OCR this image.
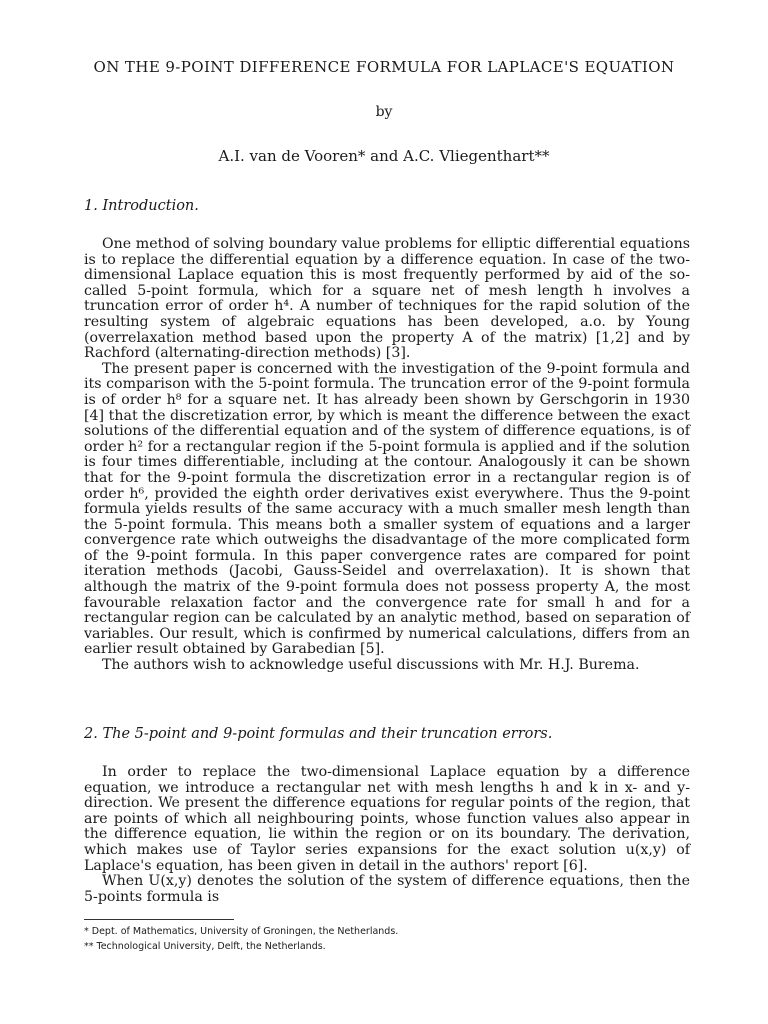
ON THE 9-POINT DIFFERENCE FORMULA FOR LAPLACE'S EQUATION
by
A.I. van de Vooren* and A.C. Vliegenthart**
1. Introduction.

One method of solving boundary value problems for elliptic differential equations is to replace the differential equation by a difference equation. In case of the two-dimensional Laplace equation this is most frequently performed by aid of the so-called 5-point formula, which for a square net of mesh length h involves a truncation error of order h⁴. A number of techniques for the rapid solution of the resulting system of algebraic equations has been developed, a.o. by Young (overrelaxation method based upon the property A of the matrix) [1,2] and by Rachford (alternating-direction methods) [3].

The present paper is concerned with the investigation of the 9-point formula and its comparison with the 5-point formula. The truncation error of the 9-point formula is of order h⁸ for a square net. It has already been shown by Gerschgorin in 1930 [4] that the discretization error, by which is meant the difference between the exact solutions of the differential equation and of the system of difference equations, is of order h² for a rectangular region if the 5-point formula is applied and if the solution is four times differentiable, including at the contour. Analogously it can be shown that for the 9-point formula the discretization error in a rectangular region is of order h⁶, provided the eighth order derivatives exist everywhere. Thus the 9-point formula yields results of the same accuracy with a much smaller mesh length than the 5-point formula. This means both a smaller system of equations and a larger convergence rate which outweighs the disadvantage of the more complicated form of the 9-point formula. In this paper convergence rates are compared for point iteration methods (Jacobi, Gauss-Seidel and overrelaxation). It is shown that although the matrix of the 9-point formula does not possess property A, the most favourable relaxation factor and the convergence rate for small h and for a rectangular region can be calculated by an analytic method, based on separation of variables. Our result, which is confirmed by numerical calculations, differs from an earlier result obtained by Garabedian [5].

The authors wish to acknowledge useful discussions with Mr. H.J. Burema.

2. The 5-point and 9-point formulas and their truncation errors.

In order to replace the two-dimensional Laplace equation by a difference equation, we introduce a rectangular net with mesh lengths h and k in x- and y-direction. We present the difference equations for regular points of the region, that are points of which all neighbouring points, whose function values also appear in the difference equation, lie within the region or on its boundary. The derivation, which makes use of Taylor series expansions for the exact solution u(x,y) of Laplace's equation, has been given in detail in the authors' report [6].

When U(x,y) denotes the solution of the system of difference equations, then the 5-points formula is

* Dept. of Mathematics, University of Groningen, the Netherlands.
** Technological University, Delft, the Netherlands.
